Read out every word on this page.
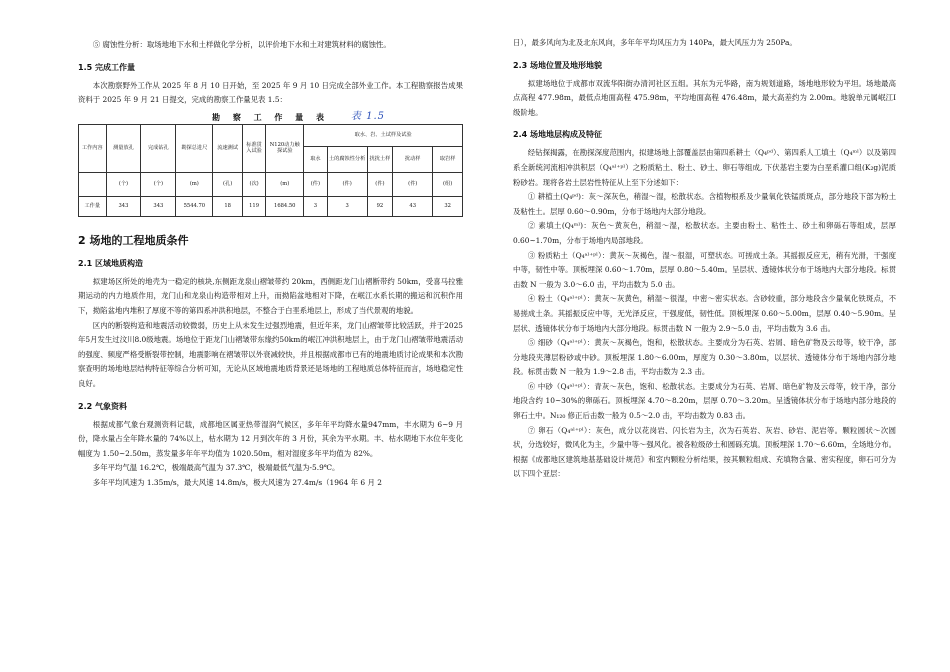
⑤ 腐蚀性分析：取场地地下水和土样做化学分析，以评价地下水和土对建筑材料的腐蚀性。

1.5 完成工作量

本次勘察野外工作从 2025 年 8 月 10 日开始，至 2025 年 9 月 10 日完成全部外业工作。本工程勘察报告成果资料于 2025 年 9 月 21 日提交，完成的勘察工作量见表 1.5：

勘 察 工 作 量 表 表 1.5
工作内容	测量放孔	完成钻孔	勘探总进尺	流速测试	标准贯入试验	N120动力触探试验	取水、岩、土试样及试验				
							取水	土的腐蚀性分析	扰扰土样	扰动样	取岩样
	(个)	(个)	(m)	(孔)	(次)	(m)	(件)	(件)	(件)	(件)	(组)
工作量	343	343	5544.70	18	119	1684.50	3	3	92	43	32
2 场地的工程地质条件
2.1 区域地质构造

拟建场区所处的地壳为一稳定的核块,东侧距龙泉山褶皱带约 20km，西侧距龙门山褶断带约 50km，受喜马拉雅期运动的内力地质作用，龙门山和龙泉山构造带相对上升，而拗陷盆地相对下降，在岷江水系长期的搬运和沉积作用下，拗陷盆地内堆积了厚度不等的第四系冲洪积地层，不整合于白垩系地层上，形成了当代景观的地貌。

区内的断裂构造和地震活动较微弱，历史上从未发生过强烈地震，但近年来，龙门山褶皱带比较活跃，并于2025年5月发生过汶川8.0级地震。场地位于距龙门山褶皱带东缘约50km的岷江冲洪积地层上，由于龙门山褶皱带地震活动的强度、频度严格受断裂带控制，地震影响在褶皱带以外衰减较快，并且根据成都市已有的地震地质讨论成果和本次勘察查明的场地地层结构特征等综合分析可知，无论从区域地震地质背景还是场地的工程地质总体特征而言，场地稳定性良好。

2.2 气象资料

根据成都气象台观测资料记载，成都地区属亚热带湿润气候区，多年年平均降水量947mm，丰水期为 6~9 月份，降水量占全年降水量的 74%以上，枯水期为 12 月到次年的 3 月份，其余为平水期。丰、枯水期地下水位年变化幅度为 1.50~2.50m，蒸发量多年年平均值为 1020.50m，相对湿度多年平均值为 82%。

多年平均气温 16.2℃，极端最高气温为 37.3℃，极端最低气温为-5.9℃。

多年平均风速为 1.35m/s，最大风速 14.8m/s，极大风速为 27.4m/s（1964 年 6 月 2

日），最多风向为北及北东风向，多年年平均风压力为 140Pa，最大风压力为 250Pa。

2.3 场地位置及地形地貌

拟建场地位于成都市双流华阳街办清河社区五组。其东为元华路，南为规划道路，场地地形较为平坦。场地最高点高程 477.98m，最低点地面高程 475.98m，平均地面高程 476.48m，最大高差约为 2.00m。地貌单元属岷江Ⅰ级阶地。

2.4 场地地层构成及特征

经钻探揭露，在勘探深度范围内，拟建场地上部覆盖层由第四系耕土（Q₄ᵖᵈ）、第四系人工填土（Q₄ᵐˡ）以及第四系全新统河流相冲洪积层（Q₄ᵃˡ⁺ᵖˡ）之粉质粘土、粉土、砂土、卵石等组成, 下伏基岩主要为白垩系灌口组(K₂g)泥质粉砂岩。现将各岩土层岩性特征从上至下分述如下：

① 耕植土(Q₄ᵖᵈ)：灰～深灰色，稍湿～湿，松散状态。含植物根系及少量氧化铁锰质斑点，部分地段下部为粉土及粘性土。层厚 0.60～0.90m，分布于场地内大部分地段。

② 素填土(Q₄ᵐˡ)：灰色～黄灰色，稍湿～湿，松散状态。主要由粉土、粘性土、砂土和卵砾石等组成，层厚 0.60~1.70m，分布于场地内局部地段。

③ 粉质粘土（Q₄ᵃˡ⁺ᵖˡ）：黄灰～灰褐色，湿～很湿，可塑状态。可搓成土条。其摇振反应无，稍有光滑，干强度中等，韧性中等。顶板埋深 0.60～1.70m，层厚 0.80～5.40m。呈层状、透镜体状分布于场地内大部分地段。标贯击数 N 一般为 3.0～6.0 击，平均击数为 5.0 击。

④ 粉土（Q₄ᵃˡ⁺ᵖˡ）：黄灰～灰黄色，稍湿～很湿，中密～密实状态。含砂较重，部分地段含少量氧化铁斑点，不易搓成土条。其摇振反应中等，无光泽反应，干强度低，韧性低。顶板埋深 0.60～5.00m，层厚 0.40～5.90m。呈层状、透镜体状分布于场地内大部分地段。标贯击数 N 一般为 2.9～5.0 击，平均击数为 3.6 击。

⑤ 细砂（Q₄ᵃˡ⁺ᵖˡ）：黄灰～灰褐色，饱和，松散状态。主要成分为石英、岩屑、暗色矿物及云母等，较干净，部分地段夹薄层粉砂或中砂。顶板埋深 1.80～6.00m，厚度为 0.30～3.80m，以层状、透镜体分布于场地内部分地段。标贯击数 N 一般为 1.9～2.8 击，平均击数为 2.3 击。

⑥ 中砂（Q₄ᵃˡ⁺ᵖˡ）：青灰～灰色，饱和、松散状态。主要成分为石英、岩屑、暗色矿物及云母等，较干净，部分地段含约 10~30%的卵砾石。顶板埋深 4.70～8.20m，层厚 0.70～3.20m。呈透镜体状分布于场地内部分地段的卵石土中。N₁₂₀ 修正后击数一般为 0.5～2.0 击，平均击数为 0.83 击。

⑦ 卵石（Q₄ᵃˡ⁺ᵖˡ）：灰色，成分以花岗岩、闪长岩为主，次为石英岩、灰岩、砂岩、泥岩等。颗粒圆状～次圆状，分选较好，微风化为主，少量中等～强风化。被各粒级砂土和圆砾充填。顶板埋深 1.70～6.60m，全场地分布。根据《成都地区建筑地基基础设计规范》和室内颗粒分析结果，按其颗粒组成、充填物含量、密实程度，卵石可分为以下四个亚层：
